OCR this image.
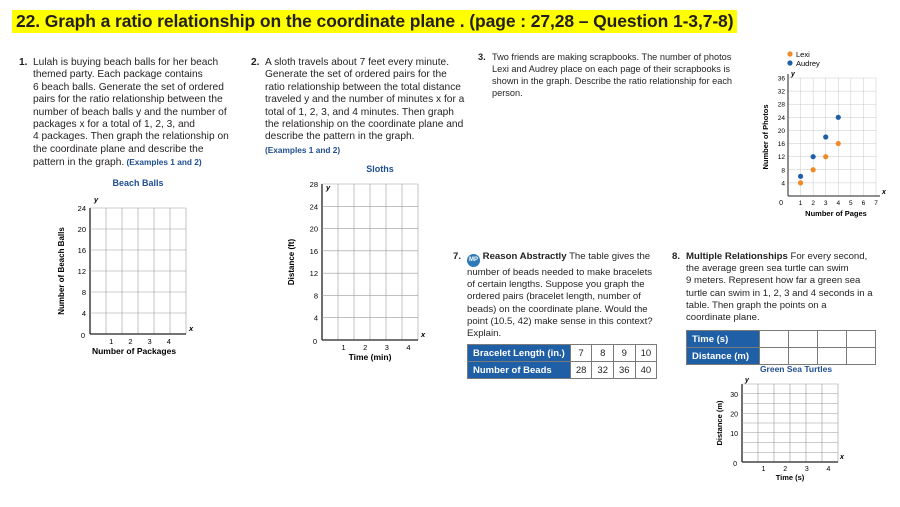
22. Graph a ratio relationship on the coordinate plane . (page : 27,28 – Question 1-3,7-8)
1. Lulah is buying beach balls for her beach
themed party. Each package contains
6 beach balls. Generate the set of ordered
pairs for the ratio relationship between the
number of beach balls y and the number of
packages x for a total of 1, 2, 3, and
4 packages. Then graph the relationship on
the coordinate plane and describe the
pattern in the graph. (Examples 1 and 2)
Beach Balls
y
x
0
24
20
16
12
8
4
1 2 3 4
Number of Packages
Number of Beach Balls
2. A sloth travels about 7 feet every minute.
Generate the set of ordered pairs for the
ratio relationship between the total distance
traveled y and the number of minutes x for a
total of 1, 2, 3, and 4 minutes. Then graph
the relationship on the coordinate plane and
describe the pattern in the graph.
(Examples 1 and 2)
Sloths
y
x
0
28
24
20
16
12
8
4
1 2 3 4
Time (min)
Distance (ft)
3. Two friends are making scrapbooks. The number of photos
Lexi and Audrey place on each page of their scrapbooks is
shown in the graph. Describe the ratio relationship for each
person.
Lexi
Audrey
y
x
0
4
8
12
16
20
24
28
32
36
1 2 3 4 5 6 7
Number of Pages
Number of Photos
7.	MP Reason Abstractly The table gives the
number of beads needed to make bracelets
of certain lengths. Suppose you graph the
ordered pairs (bracelet length, number of
beads) on the coordinate plane. Would the
point (10.5, 42) make sense in this context?
Explain.
Bracelet Length (in.)	7	8	9	10
Number of Beads	28	32	36	40
8. Multiple Relationships For every second,
the average green sea turtle can swim
9 meters. Represent how far a green sea
turtle can swim in 1, 2, 3 and 4 seconds in a
table. Then graph the points on a
coordinate plane.
Time (s)				
Distance (m)				
Green Sea Turtles
y
x
0
30
20
10
1	2	3	4
Time (s)
Distance (m)
